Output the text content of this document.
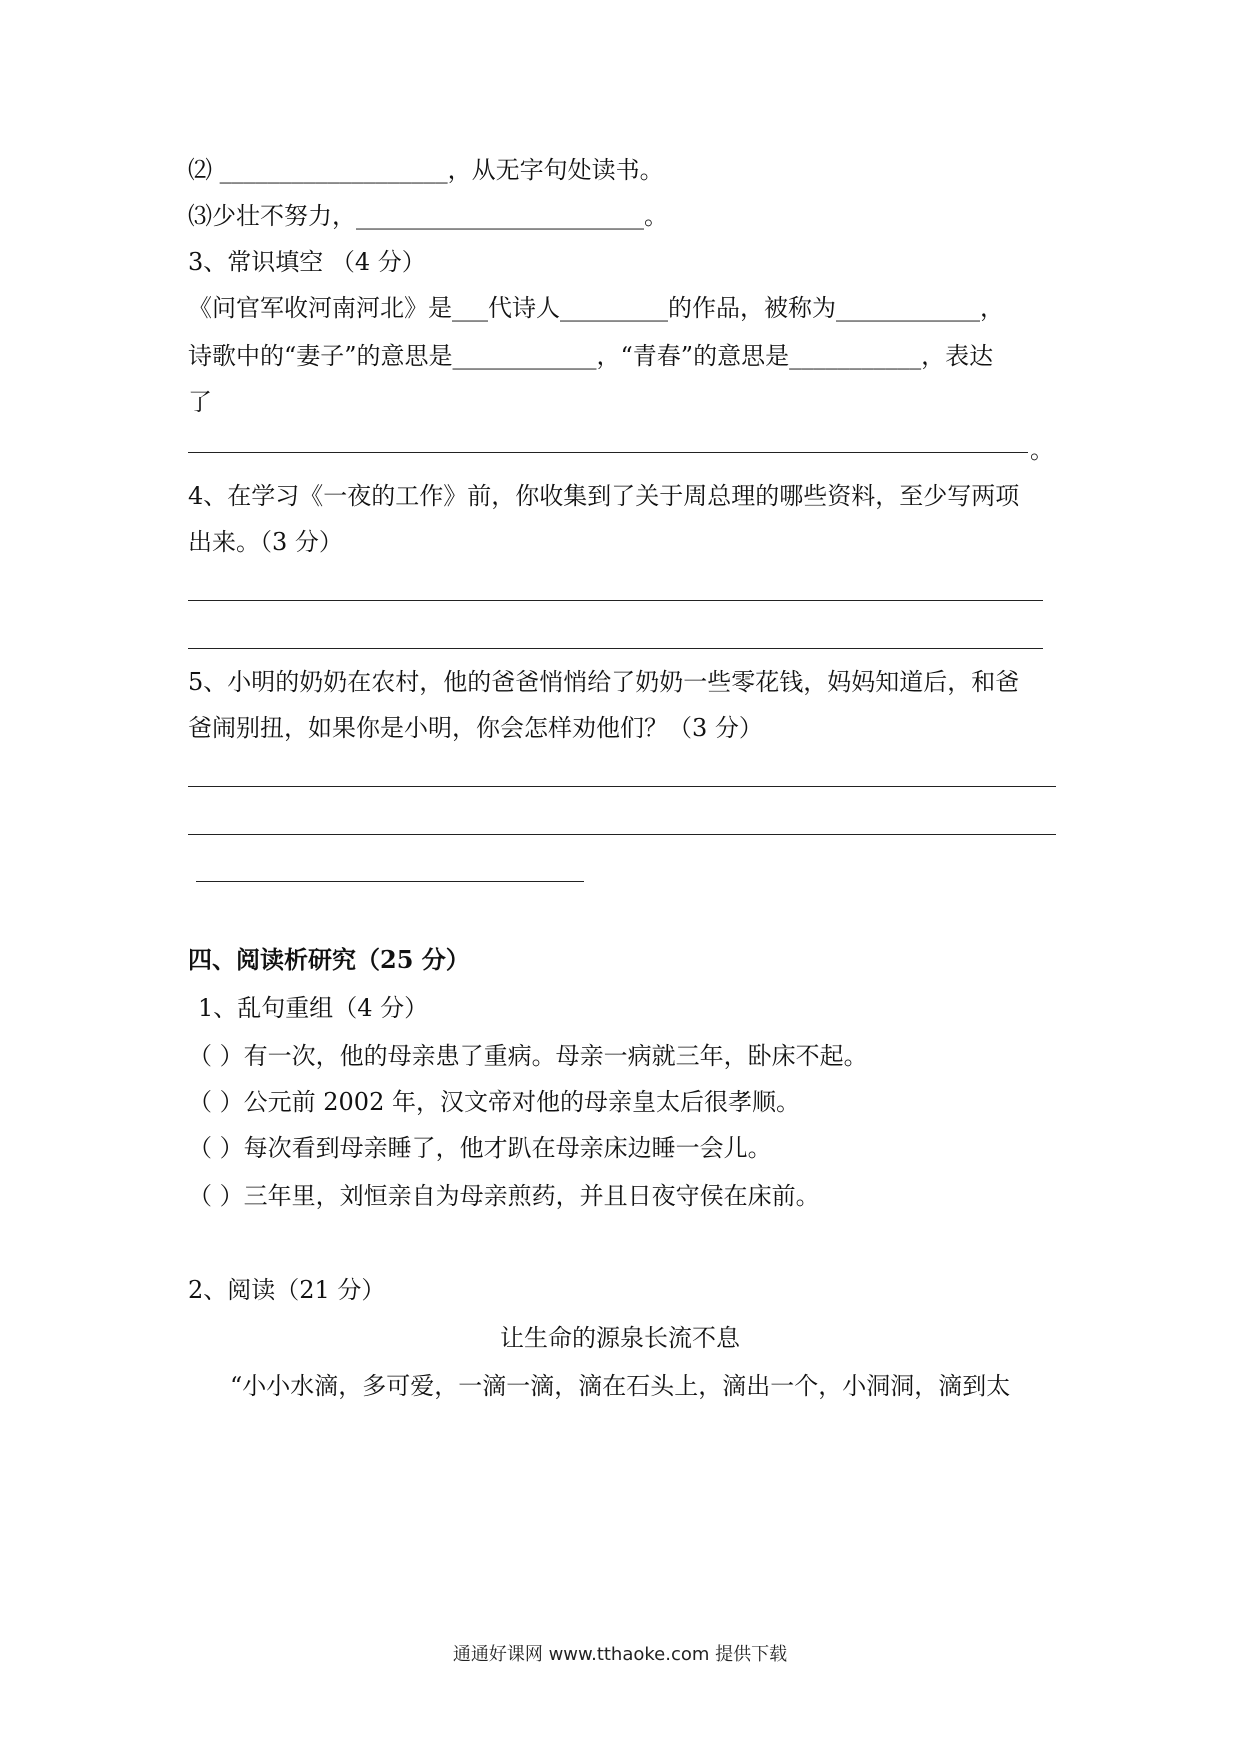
⑵ ___________________，从无字句处读书。
⑶少壮不努力，________________________。
3、常识填空 （4 分）
《问官军收河南河北》是___代诗人_________的作品，被称为____________，
诗歌中的“妻子”的意思是____________，“青春”的意思是___________，表达
了
。
4、在学习《一夜的工作》前，你收集到了关于周总理的哪些资料，至少写两项
出来。（3 分）
5、小明的奶奶在农村，他的爸爸悄悄给了奶奶一些零花钱，妈妈知道后，和爸
爸闹别扭，如果你是小明，你会怎样劝他们？（3 分）
四、阅读析研究（25 分）
1、乱句重组（4 分）
（ ）有一次，他的母亲患了重病。母亲一病就三年，卧床不起。
（ ）公元前 2002 年，汉文帝对他的母亲皇太后很孝顺。
（ ）每次看到母亲睡了，他才趴在母亲床边睡一会儿。
（ ）三年里，刘恒亲自为母亲煎药，并且日夜守侯在床前。
2、阅读（21 分）
让生命的源泉长流不息
“小小水滴，多可爱，一滴一滴，滴在石头上，滴出一个，小洞洞，滴到太
通通好课网 www.tthaoke.com 提供下载
